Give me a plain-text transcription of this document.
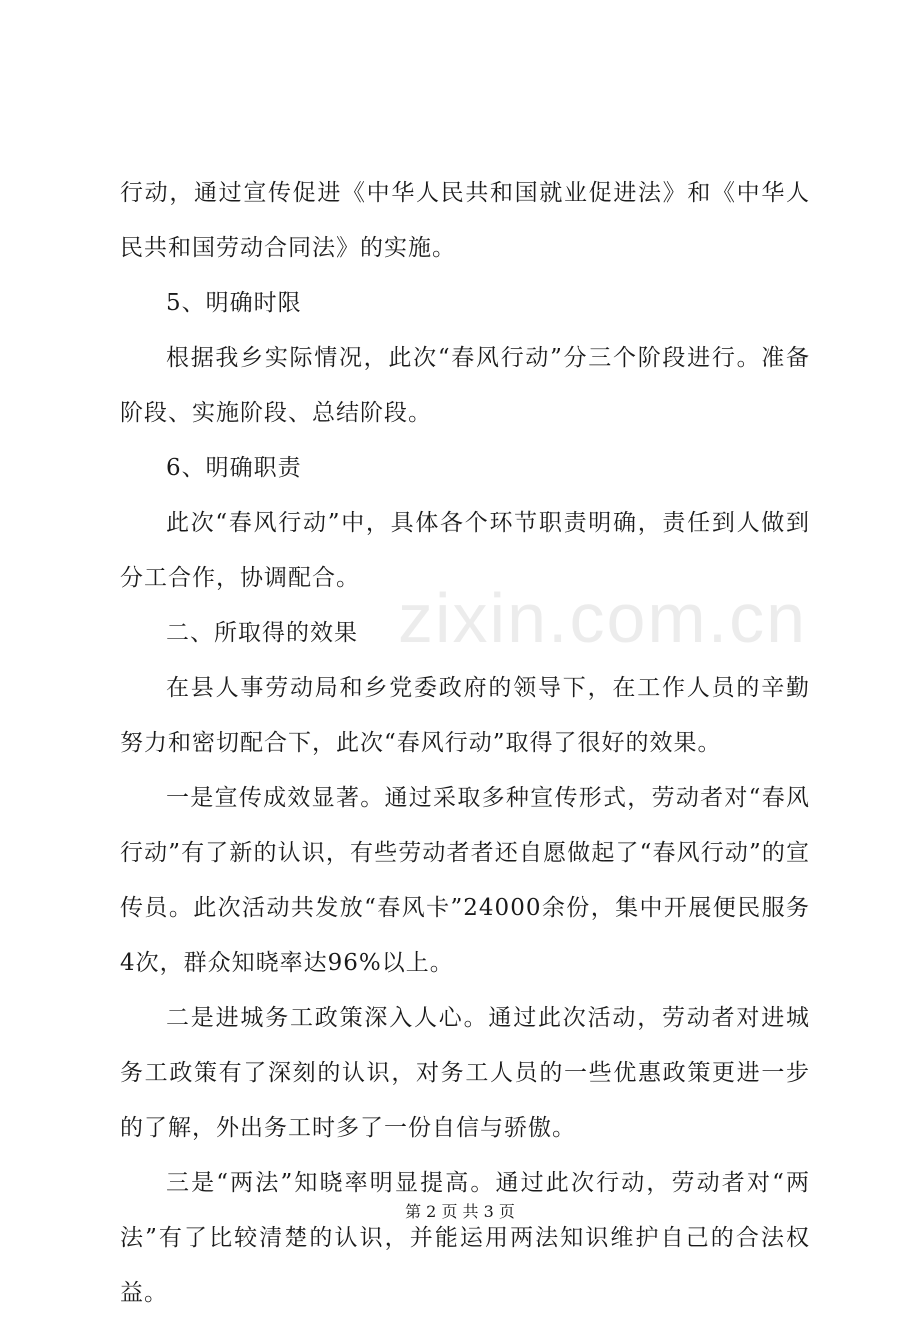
zixin.com.cn

行动，通过宣传促进《中华人民共和国就业促进法》和《中华人民共和国劳动合同法》的实施。

5、明确时限

根据我乡实际情况，此次“春风行动”分三个阶段进行。准备阶段、实施阶段、总结阶段。

6、明确职责

此次“春风行动”中，具体各个环节职责明确，责任到人做到分工合作，协调配合。

二、所取得的效果

在县人事劳动局和乡党委政府的领导下，在工作人员的辛勤努力和密切配合下，此次“春风行动”取得了很好的效果。

一是宣传成效显著。通过采取多种宣传形式，劳动者对“春风行动”有了新的认识，有些劳动者者还自愿做起了“春风行动”的宣传员。此次活动共发放“春风卡”24000余份，集中开展便民服务4次，群众知晓率达96%以上。

二是进城务工政策深入人心。通过此次活动，劳动者对进城务工政策有了深刻的认识，对务工人员的一些优惠政策更进一步的了解，外出务工时多了一份自信与骄傲。

三是“两法”知晓率明显提高。通过此次行动，劳动者对“两法”有了比较清楚的认识，并能运用两法知识维护自己的合法权益。

第 2 页 共 3 页
